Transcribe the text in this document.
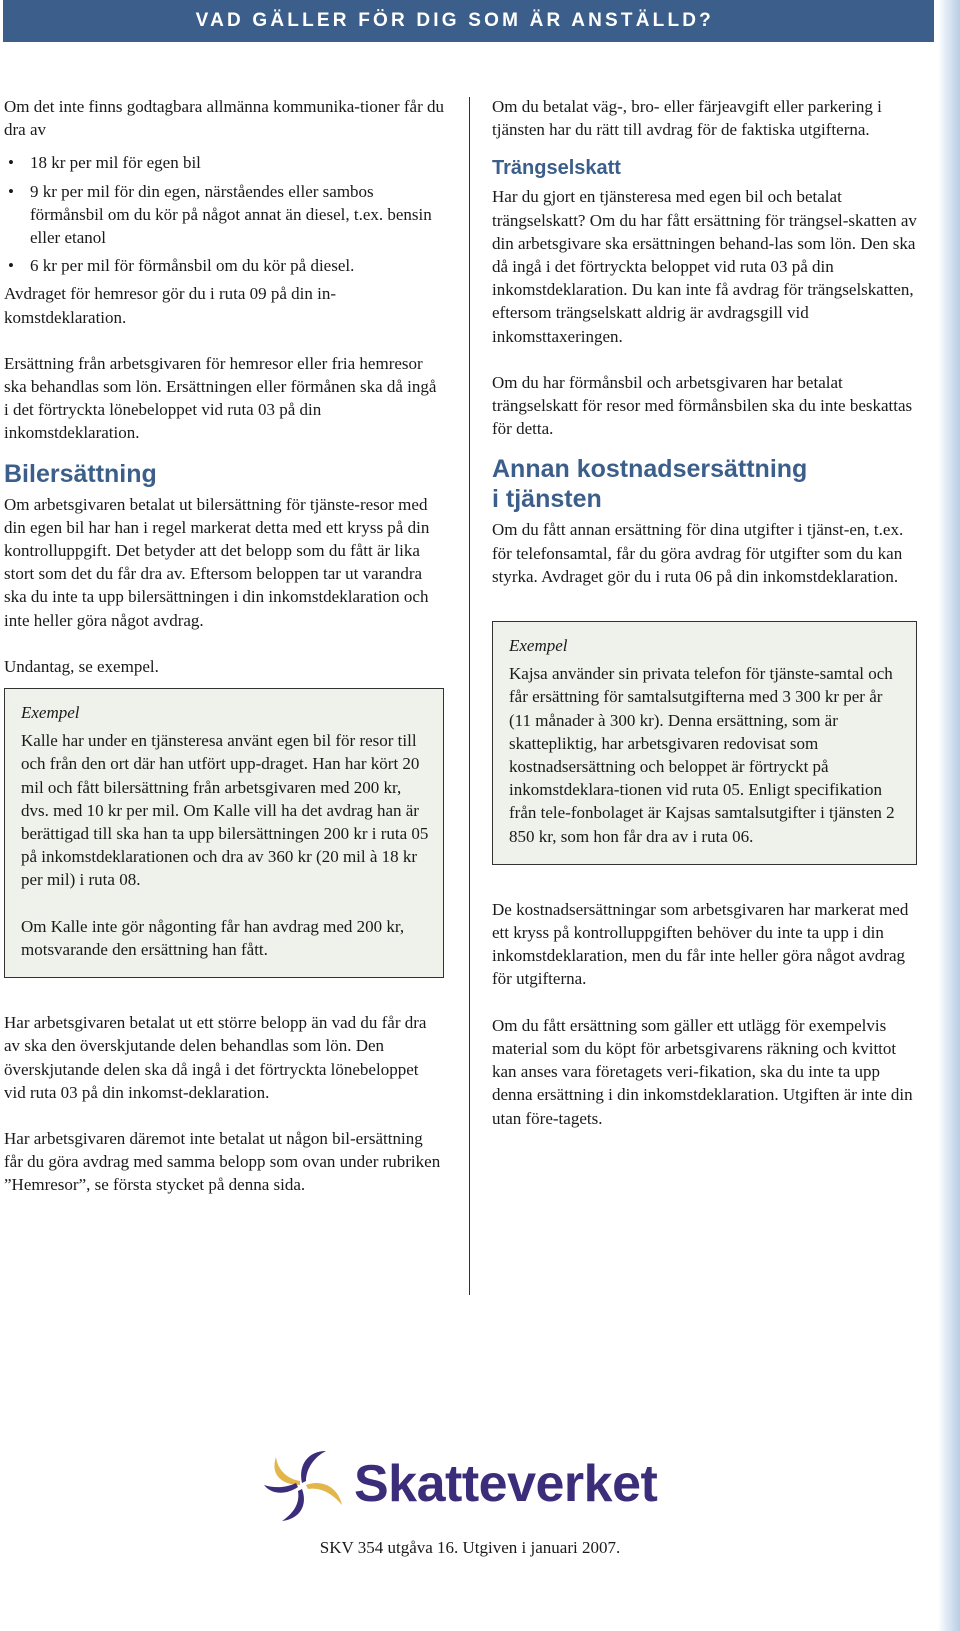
VAD GÄLLER FÖR DIG SOM ÄR ANSTÄLLD?

Om det inte finns godtagbara allmänna kommunika-tioner får du dra av

• 18 kr per mil för egen bil
• 9 kr per mil för din egen, närståendes eller sambos förmånsbil om du kör på något annat än diesel, t.ex. bensin eller etanol
• 6 kr per mil för förmånsbil om du kör på diesel.

Avdraget för hemresor gör du i ruta 09 på din in-komstdeklaration.

Ersättning från arbetsgivaren för hemresor eller fria hemresor ska behandlas som lön. Ersättningen eller förmånen ska då ingå i det förtryckta lönebeloppet vid ruta 03 på din inkomstdeklaration.

Bilersättning

Om arbetsgivaren betalat ut bilersättning för tjänste-resor med din egen bil har han i regel markerat detta med ett kryss på din kontrolluppgift. Det betyder att det belopp som du fått är lika stort som det du får dra av. Eftersom beloppen tar ut varandra ska du inte ta upp bilersättningen i din inkomstdeklaration och inte heller göra något avdrag.

Undantag, se exempel.

Exempel

Kalle har under en tjänsteresa använt egen bil för resor till och från den ort där han utfört upp-draget. Han har kört 20 mil och fått bilersättning från arbetsgivaren med 200 kr, dvs. med 10 kr per mil. Om Kalle vill ha det avdrag han är berättigad till ska han ta upp bilersättningen 200 kr i ruta 05 på inkomstdeklarationen och dra av 360 kr (20 mil à 18 kr per mil) i ruta 08.

Om Kalle inte gör någonting får han avdrag med 200 kr, motsvarande den ersättning han fått.

Har arbetsgivaren betalat ut ett större belopp än vad du får dra av ska den överskjutande delen behandlas som lön. Den överskjutande delen ska då ingå i det förtryckta lönebeloppet vid ruta 03 på din inkomst-deklaration.

Har arbetsgivaren däremot inte betalat ut någon bil-ersättning får du göra avdrag med samma belopp som ovan under rubriken ”Hemresor”, se första stycket på denna sida.

Om du betalat väg-, bro- eller färjeavgift eller parkering i tjänsten har du rätt till avdrag för de faktiska utgifterna.

Trängselskatt

Har du gjort en tjänsteresa med egen bil och betalat trängselskatt? Om du har fått ersättning för trängsel-skatten av din arbetsgivare ska ersättningen behand-las som lön. Den ska då ingå i det förtryckta beloppet vid ruta 03 på din inkomstdeklaration. Du kan inte få avdrag för trängselskatten, eftersom trängselskatt aldrig är avdragsgill vid inkomsttaxeringen.

Om du har förmånsbil och arbetsgivaren har betalat trängselskatt för resor med förmånsbilen ska du inte beskattas för detta.

Annan kostnadsersättning
i tjänsten

Om du fått annan ersättning för dina utgifter i tjänst-en, t.ex. för telefonsamtal, får du göra avdrag för utgifter som du kan styrka. Avdraget gör du i ruta 06 på din inkomstdeklaration.

Exempel

Kajsa använder sin privata telefon för tjänste-samtal och får ersättning för samtalsutgifterna med 3 300 kr per år (11 månader à 300 kr). Denna ersättning, som är skattepliktig, har arbetsgivaren redovisat som kostnadsersättning och beloppet är förtryckt på inkomstdeklara-tionen vid ruta 05. Enligt specifikation från tele-fonbolaget är Kajsas samtalsutgifter i tjänsten 2 850 kr, som hon får dra av i ruta 06.

De kostnadsersättningar som arbetsgivaren har markerat med ett kryss på kontrolluppgiften behöver du inte ta upp i din inkomstdeklaration, men du får inte heller göra något avdrag för utgifterna.

Om du fått ersättning som gäller ett utlägg för exempelvis material som du köpt för arbetsgivarens räkning och kvittot kan anses vara företagets veri-fikation, ska du inte ta upp denna ersättning i din inkomstdeklaration. Utgiften är inte din utan före-tagets.

Skatteverket
SKV 354 utgåva 16. Utgiven i januari 2007.
